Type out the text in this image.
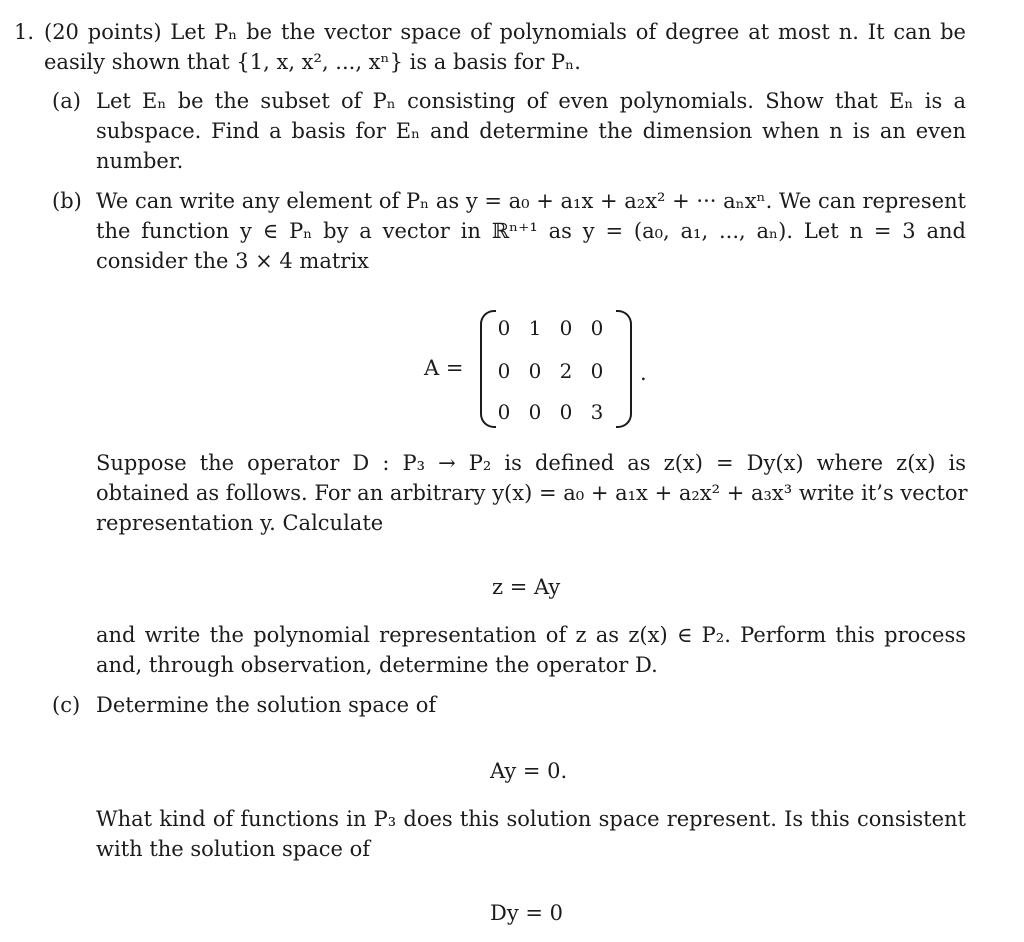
1. (20 points) Let Pₙ be the vector space of polynomials of degree at most n. It can be
easily shown that {1, x, x², ..., xⁿ} is a basis for Pₙ.
(a) Let Eₙ be the subset of Pₙ consisting of even polynomials. Show that Eₙ is a
subspace. Find a basis for Eₙ and determine the dimension when n is an even
number.
(b) We can write any element of Pₙ as y = a₀ + a₁x + a₂x² + ··· aₙxⁿ. We can represent
the function y ∈ Pₙ by a vector in ℝⁿ⁺¹ as y = (a₀, a₁, ..., aₙ). Let n = 3 and
consider the 3 × 4 matrix
A =
0 1 0 0
0 0 2 0
0 0 0 3
.
Suppose the operator D : P₃ → P₂ is defined as z(x) = Dy(x) where z(x) is
obtained as follows. For an arbitrary y(x) = a₀ + a₁x + a₂x² + a₃x³ write it’s vector
representation y. Calculate
z = Ay
and write the polynomial representation of z as z(x) ∈ P₂. Perform this process
and, through observation, determine the operator D.
(c) Determine the solution space of
Ay = 0.
What kind of functions in P₃ does this solution space represent. Is this consistent
with the solution space of
Dy = 0
